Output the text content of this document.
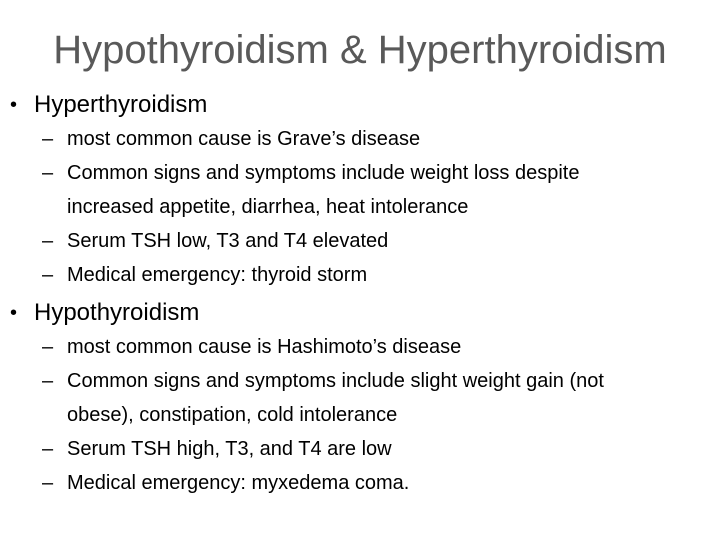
Hypothyroidism & Hyperthyroidism
• Hyperthyroidism
– most common cause is Grave’s disease
– Common signs and symptoms include weight loss despite
increased appetite, diarrhea, heat intolerance
– Serum TSH low, T3 and T4 elevated
– Medical emergency: thyroid storm
• Hypothyroidism
– most common cause is Hashimoto’s disease
– Common signs and symptoms include slight weight gain (not
obese), constipation, cold intolerance
– Serum TSH high, T3, and T4 are low
– Medical emergency: myxedema coma.
